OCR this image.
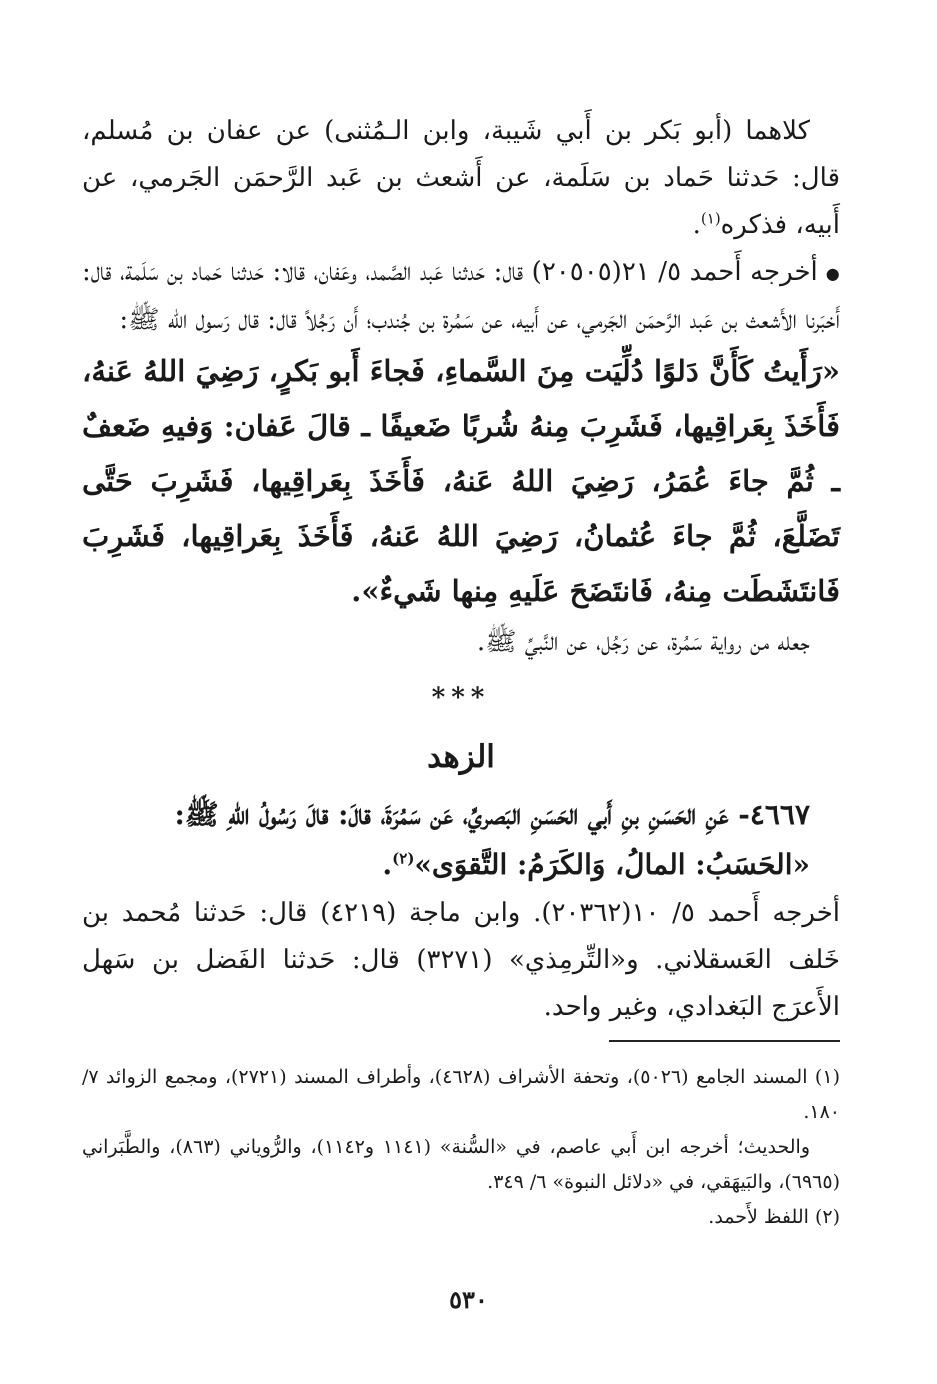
كلاهما (أبو بَكر بن أَبي شَيبة، وابن الـمُثنى) عن عفان بن مُسلم، قال: حَدثنا حَماد بن سَلَمة، عن أَشعث بن عَبد الرَّحمَن الجَرمي، عن أَبيه، فذكره$^{(١)}$.

● أخرجه أَحمد ٥/ ٢١(٢٠٥٠٥) قال: حَدثنا عَبد الصَّمد، وعَفان، قالا: حَدثنا حَماد بن سَلَمة، قال: أَخبَرنا الأَشعث بن عَبد الرَّحمَن الجَرمي، عن أَبيه، عن سَمُرة بن جُندب؛ أَن رَجُلاً قال: قال رَسول الله ﷺ:

«رَأَيتُ كَأَنَّ دَلوًا دُلِّيَت مِنَ السَّماءِ، فَجاءَ أَبو بَكرٍ، رَضِيَ اللهُ عَنهُ، فَأَخَذَ بِعَراقِيها، فَشَرِبَ مِنهُ شُربًا ضَعيفًا ـ قالَ عَفان: وَفيهِ ضَعفٌ ـ ثُمَّ جاءَ عُمَرُ، رَضِيَ اللهُ عَنهُ، فَأَخَذَ بِعَراقِيها، فَشَرِبَ حَتَّى تَضَلَّعَ، ثُمَّ جاءَ عُثمانُ، رَضِيَ اللهُ عَنهُ، فَأَخَذَ بِعَراقِيها، فَشَرِبَ فَانتَشَطَت مِنهُ، فَانتَضَحَ عَلَيهِ مِنها شَيءٌ».

جعله من رواية سَمُرة، عن رَجُل، عن النَّبيِّ ﷺ.

***
الزهد

٤٦٦٧- عَنِ الحَسَنِ بنِ أَبي الحَسَنِ البَصريِّ، عَن سَمُرَةَ، قالَ: قالَ رَسُولُ اللهِ ﷺ:

«الحَسَبُ: المالُ، وَالكَرَمُ: التَّقوَى»$^{(٢)}$.

أخرجه أَحمد ٥/ ١٠(٢٠٣٦٢). وابن ماجة (٤٢١٩) قال: حَدثنا مُحمد بن خَلف العَسقلاني. و«التِّرمِذي» (٣٢٧١) قال: حَدثنا الفَضل بن سَهل الأَعرَج البَغدادي، وغير واحد.

(١) المسند الجامع (٥٠٢٦)، وتحفة الأشراف (٤٦٢٨)، وأطراف المسند (٢٧٢١)، ومجمع الزوائد ٧/ ١٨٠.

والحديث؛ أخرجه ابن أَبي عاصم، في «السُّنة» (١١٤١ و١١٤٢)، والرُّوياني (٨٦٣)، والطَّبَراني (٦٩٦٥)، والبَيهَقي، في «دلائل النبوة» ٦/ ٣٤٩.

(٢) اللفظ لأَحمد.

٥٣٠
